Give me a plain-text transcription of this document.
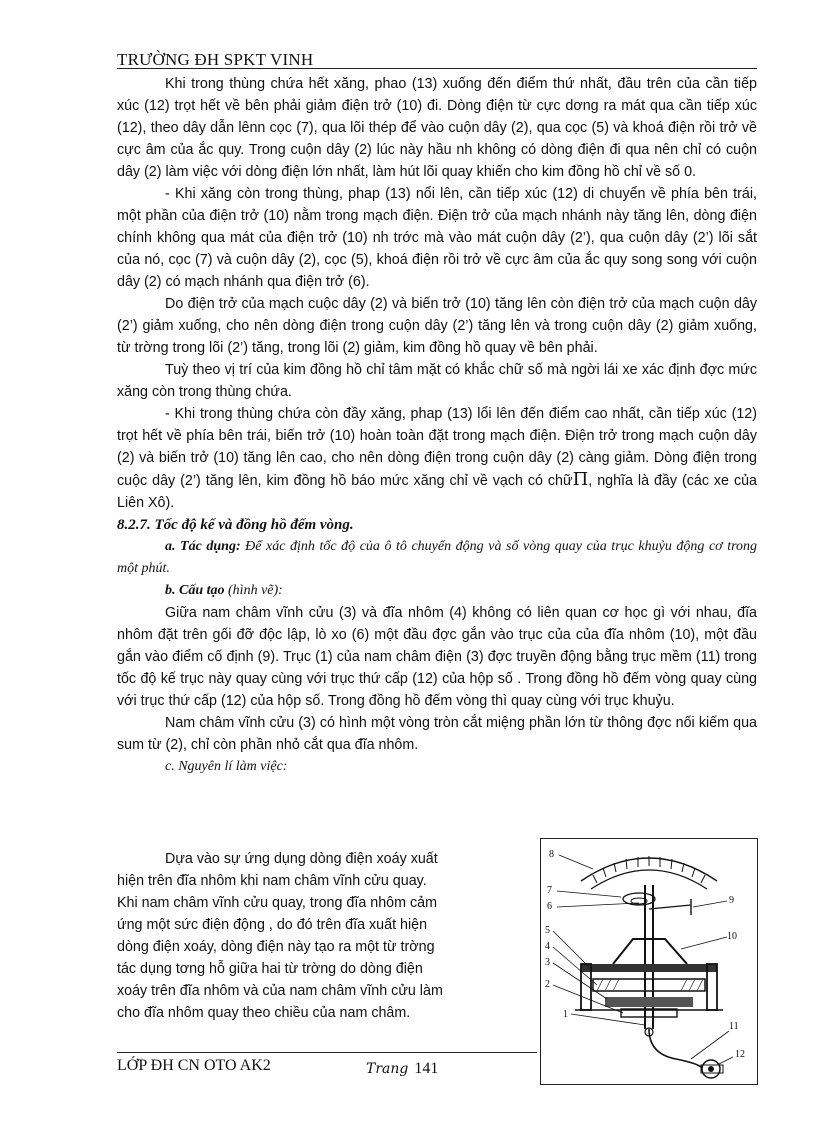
TRƯỜNG ĐH SPKT VINH

Khi trong thùng chứa hết xăng, phao (13) xuống đến điểm thứ nhất, đầu trên của cần tiếp xúc (12) trọt hết về bên phải giảm điện trở (10) đi. Dòng điện từ cực dơng ra mát qua cần tiếp xúc (12), theo dây dẫn lênn cọc (7), qua lõi thép để vào cuộn dây (2), qua cọc (5) và khoá điện rồi trở về cực âm của ắc quy. Trong cuộn dây (2) lúc này hầu nh không có dòng điện đi qua nên chỉ có cuộn dây (2) làm việc với dòng điện lớn nhất, làm hút lõi quay khiến cho kim đồng hồ chỉ về số 0.

- Khi xăng còn trong thùng, phap (13) nổi lên, cần tiếp xúc (12) di chuyển về phía bên trái, một phần của điện trở (10) nằm trong mạch điện. Điện trở của mạch nhánh này tăng lên, dòng điện chính không qua mát của điện trở (10) nh trớc mà vào mát cuộn dây (2’), qua cuộn dây (2’) lõi sắt của nó, cọc (7) và cuộn dây (2), cọc (5), khoá điện rồi trở về cực âm của ắc quy song song với cuộn dây (2) có mạch nhánh qua điện trở (6).

Do điện trở của mạch cuộc dây (2) và biến trở (10) tăng lên còn điện trở của mạch cuộn dây (2’) giảm xuống, cho nên dòng điện trong cuộn dây (2’) tăng lên và trong cuộn dây (2) giảm xuống, từ trờng trong lõi (2’) tăng, trong lõi (2) giảm, kim đồng hồ quay về bên phải.

Tuỳ theo vị trí của kim đồng hồ chỉ tâm mặt có khắc chữ số mà ngời lái xe xác định đợc mức xăng còn trong thùng chứa.

- Khi trong thùng chứa còn đầy xăng, phap (13) lổi lên đến điểm cao nhất, cần tiếp xúc (12) trọt hết về phía bên trái, biến trở (10) hoàn toàn đặt trong mạch điện. Điện trở trong mạch cuộn dây (2) và biến trở (10) tăng lên cao, cho nên dòng điện trong cuộn dây (2) càng giảm. Dòng điện trong cuộc dây (2’) tăng lên, kim đồng hồ báo mức xăng chỉ về vạch có chữП, nghĩa là đầy (các xe của Liên Xô).

8.2.7. Tốc độ kế và đồng hồ đếm vòng.

a. Tác dụng: Để xác định tốc độ của ô tô chuyển động và số vòng quay của trục khuỷu động cơ trong một phút.

b. Cấu tạo (hình vẽ):

Giữa nam châm vĩnh cửu (3) và đĩa nhôm (4) không có liên quan cơ học gì với nhau, đĩa nhôm đặt trên gối đỡ độc lập, lò xo (6) một đầu đợc gắn vào trục của của đĩa nhôm (10), một đầu gắn vào điểm cố định (9). Trục (1) của nam châm điện (3) đợc truyền động bằng trục mềm (11) trong tốc độ kế trục này quay cùng với trục thứ cấp (12) của hộp số . Trong đồng hồ đếm vòng quay cùng với trục thứ cấp (12) của hộp số. Trong đồng hồ đếm vòng thì quay cùng với trục khuỷu.

Nam châm vĩnh cửu (3) có hình một vòng tròn cắt miệng phần lớn từ thông đợc nối kiếm qua sum từ (2), chỉ còn phần nhỏ cắt qua đĩa nhôm.

c. Nguyên lí làm việc:

Dựa vào sự ứng dụng dòng điện xoáy xuất

hiện trên đĩa nhôm khi nam châm vĩnh cửu quay.

Khi nam châm vĩnh cửu quay, trong đĩa nhôm cảm

ứng một sức điện động , do đó trên đĩa xuất hiện

dòng điện xoáy, dòng điện này tạo ra một từ trờng

tác dụng tơng hỗ giữa hai từ trờng do dòng điện

xoáy trên đĩa nhôm và của nam châm vĩnh cửu làm

cho đĩa nhôm quay theo chiều của nam châm.

8
7
6
5
4
3
2
1
9
10
11
12
LỚP ĐH CN OTO AK2	Trang 141
